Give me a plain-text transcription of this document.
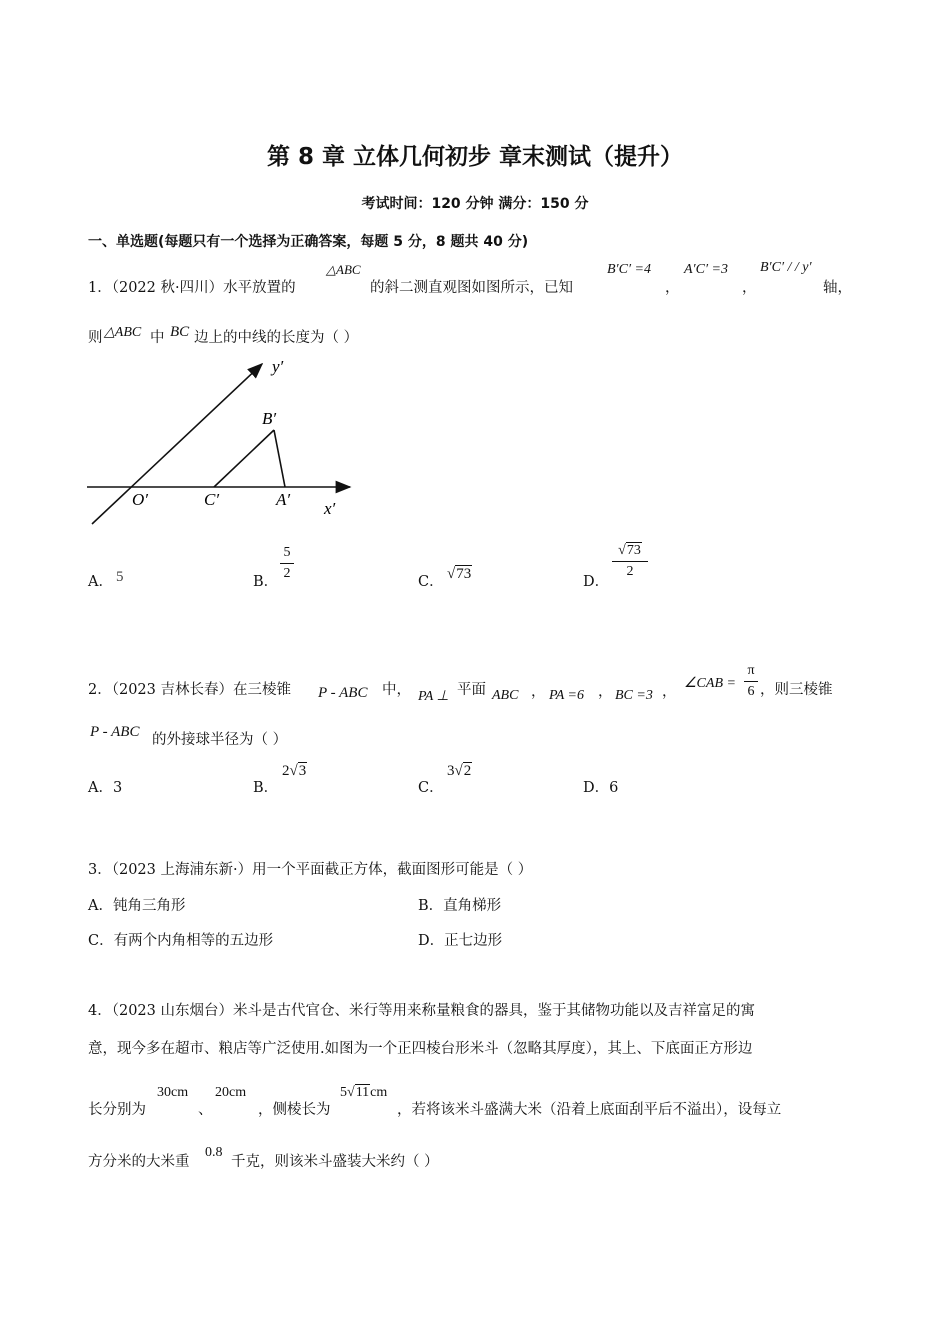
第 8 章 立体几何初步 章末测试（提升）
考试时间：120 分钟 满分：150 分
一、单选题(每题只有一个选择为正确答案，每题 5 分，8 题共 40 分)
1．（2022 秋·四川）水平放置的
△ABC
的斜二测直观图如图所示，已知
B′C′ =4
，
A′C′ =3
，
B′C′ / / y′
轴，
则 △ABC 中 BC 边上的中线的长度为（ ）
y′
x′
O′	C′	A′
B′
A． 5	B．
5
2
C． √73	D．
√73
2
2．（2023 吉林长春）在三棱锥 P - ABC 中， PA ⊥ 平面 ABC ， PA =6 ， BC =3 ，
∠CAB =
π
6 ，则三棱锥
P - ABC 的外接球半径为（ ）
A．3	B．
2√3
C．
3√2
D．6
3．（2023 上海浦东新·）用一个平面截正方体，截面图形可能是（ ）
A．钝角三角形	B．直角梯形
C．有两个内角相等的五边形	D．正七边形
4．（2023 山东烟台）米斗是古代官仓、米行等用来称量粮食的器具，鉴于其储物功能以及吉祥富足的寓
意，现今多在超市、粮店等广泛使用.如图为一个正四棱台形米斗（忽略其厚度），其上、下底面正方形边
长分别为
30cm
、
20cm
，侧棱长为
5√11cm
，若将该米斗盛满大米（沿着上底面刮平后不溢出），设每立
方分米的大米重
0.8
千克，则该米斗盛装大米约（ ）
